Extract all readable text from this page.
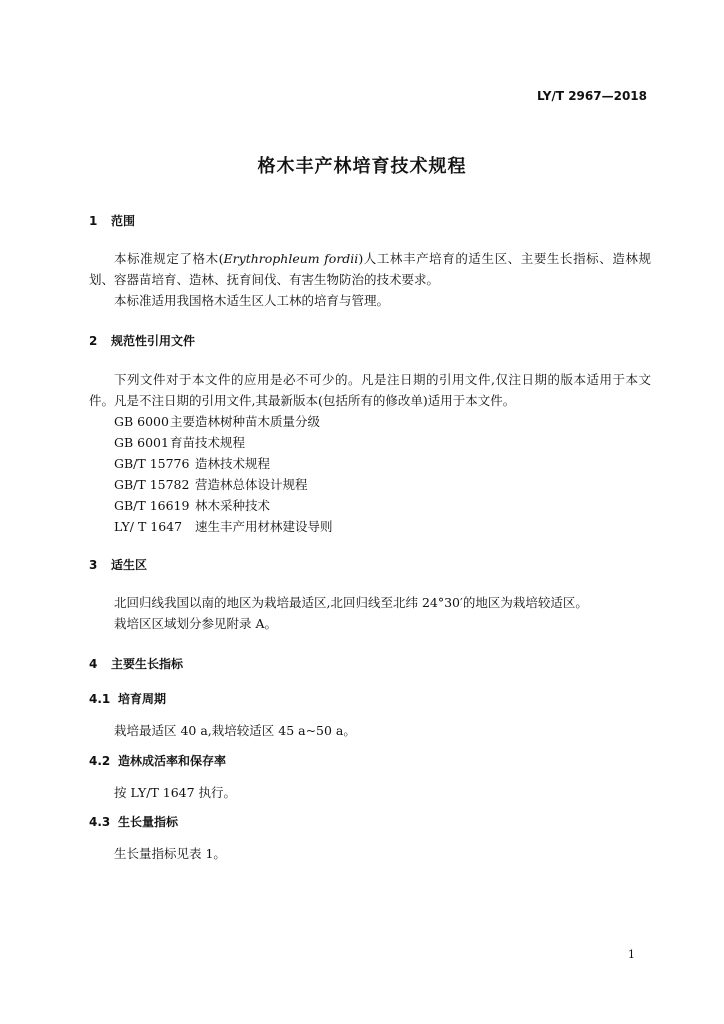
LY/T 2967—2018
格木丰产林培育技术规程
1 范围
本标准规定了格木(Erythrophleum fordii)人工林丰产培育的适生区、主要生长指标、造林规划、容器苗培育、造林、抚育间伐、有害生物防治的技术要求。
本标准适用我国格木适生区人工林的培育与管理。
2 规范性引用文件
下列文件对于本文件的应用是必不可少的。凡是注日期的引用文件,仅注日期的版本适用于本文件。凡是不注日期的引用文件,其最新版本(包括所有的修改单)适用于本文件。
GB 6000主要造林树种苗木质量分级
GB 6001育苗技术规程
GB/T 15776 造林技术规程
GB/T 15782 营造林总体设计规程
GB/T 16619 林木采种技术
LY/ T 1647 速生丰产用材林建设导则
3 适生区
北回归线我国以南的地区为栽培最适区,北回归线至北纬 24°30′的地区为栽培较适区。
栽培区区域划分参见附录 A。
4 主要生长指标
4.1 培育周期
栽培最适区 40 a,栽培较适区 45 a~50 a。
4.2 造林成活率和保存率
按 LY/T 1647 执行。
4.3 生长量指标
生长量指标见表 1。
1
